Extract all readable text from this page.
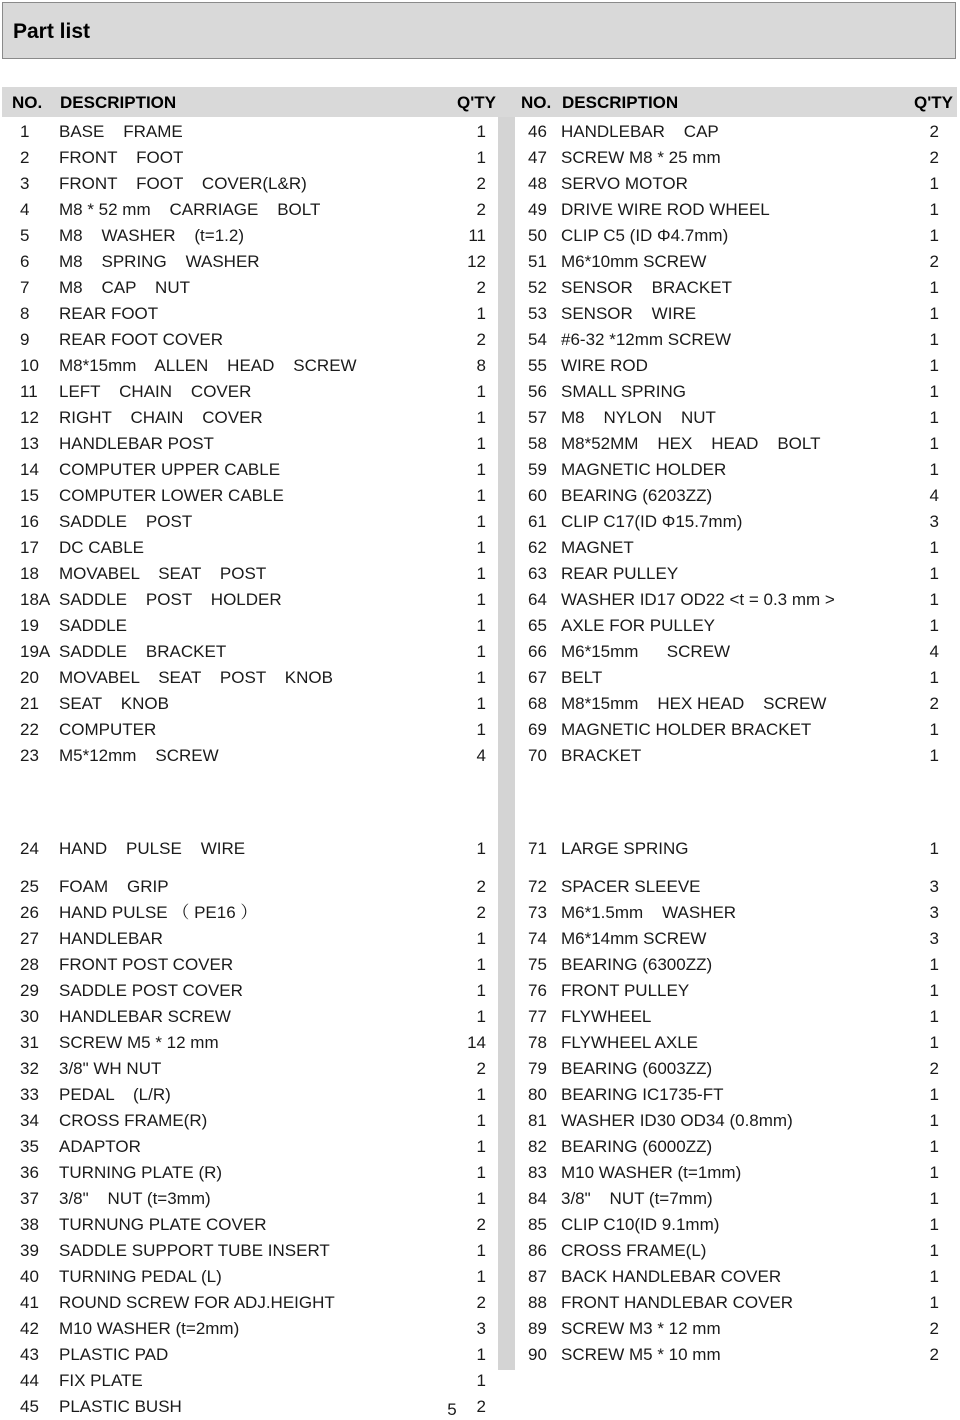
Part list
NO. DESCRIPTION	Q'TY NO. DESCRIPTION	Q'TY
1 BASE    FRAME	1
2 FRONT    FOOT	1
3 FRONT    FOOT    COVER(L&R)	2
4 M8 * 52 mm    CARRIAGE    BOLT	2
5 M8    WASHER    (t=1.2)	11
6 M8    SPRING    WASHER	12
7 M8    CAP    NUT	2
8 REAR FOOT	1
9 REAR FOOT COVER	2
10 M8*15mm    ALLEN    HEAD    SCREW	8
11 LEFT    CHAIN    COVER	1
12 RIGHT    CHAIN    COVER	1
13 HANDLEBAR POST	1
14 COMPUTER UPPER CABLE	1
15 COMPUTER LOWER CABLE	1
16 SADDLE    POST	1
17 DC CABLE	1
18 MOVABEL    SEAT    POST	1
18A SADDLE    POST    HOLDER	1
19 SADDLE	1
19A SADDLE    BRACKET	1
20 MOVABEL    SEAT    POST    KNOB	1
21 SEAT    KNOB	1
22 COMPUTER	1
23 M5*12mm    SCREW	4
24 HAND    PULSE    WIRE	1
25 FOAM    GRIP	2
26 HAND PULSE （ PE16 ）	2
27 HANDLEBAR	1
28 FRONT POST COVER	1
29 SADDLE POST COVER	1
30 HANDLEBAR SCREW	1
31 SCREW M5 * 12 mm	14
32 3/8" WH NUT	2
33 PEDAL    (L/R)	1
34 CROSS FRAME(R)	1
35 ADAPTOR	1
36 TURNING PLATE (R)	1
37 3/8"    NUT (t=3mm)	1
38 TURNUNG PLATE COVER	2
39 SADDLE SUPPORT TUBE INSERT	1
40 TURNING PEDAL (L)	1
41 ROUND SCREW FOR ADJ.HEIGHT	2
42 M10 WASHER (t=2mm)	3
43 PLASTIC PAD	1
44 FIX PLATE	1
45 PLASTIC BUSH	2
46 HANDLEBAR    CAP	2
47 SCREW M8 * 25 mm	2
48 SERVO MOTOR	1
49 DRIVE WIRE ROD WHEEL	1
50 CLIP C5 (ID Φ4.7mm)	1
51 M6*10mm SCREW	2
52 SENSOR    BRACKET	1
53 SENSOR    WIRE	1
54 #6-32 *12mm SCREW	1
55 WIRE ROD	1
56 SMALL SPRING	1
57 M8    NYLON    NUT	1
58 M8*52MM    HEX    HEAD    BOLT	1
59 MAGNETIC HOLDER	1
60 BEARING (6203ZZ)	4
61 CLIP C17(ID Φ15.7mm)	3
62 MAGNET	1
63 REAR PULLEY	1
64 WASHER ID17 OD22 <t = 0.3 mm >	1
65 AXLE FOR PULLEY	1
66 M6*15mm      SCREW	4
67 BELT	1
68 M8*15mm    HEX HEAD    SCREW	2
69 MAGNETIC HOLDER BRACKET	1
70 BRACKET	1
71 LARGE SPRING	1
72 SPACER SLEEVE	3
73 M6*1.5mm    WASHER	3
74 M6*14mm SCREW	3
75 BEARING (6300ZZ)	1
76 FRONT PULLEY	1
77 FLYWHEEL	1
78 FLYWHEEL AXLE	1
79 BEARING (6003ZZ)	2
80 BEARING IC1735-FT	1
81 WASHER ID30 OD34 (0.8mm)	1
82 BEARING (6000ZZ)	1
83 M10 WASHER (t=1mm)	1
84 3/8"    NUT (t=7mm)	1
85 CLIP C10(ID 9.1mm)	1
86 CROSS FRAME(L)	1
87 BACK HANDLEBAR COVER	1
88 FRONT HANDLEBAR COVER	1
89 SCREW M3 * 12 mm	2
90 SCREW M5 * 10 mm	2
5
